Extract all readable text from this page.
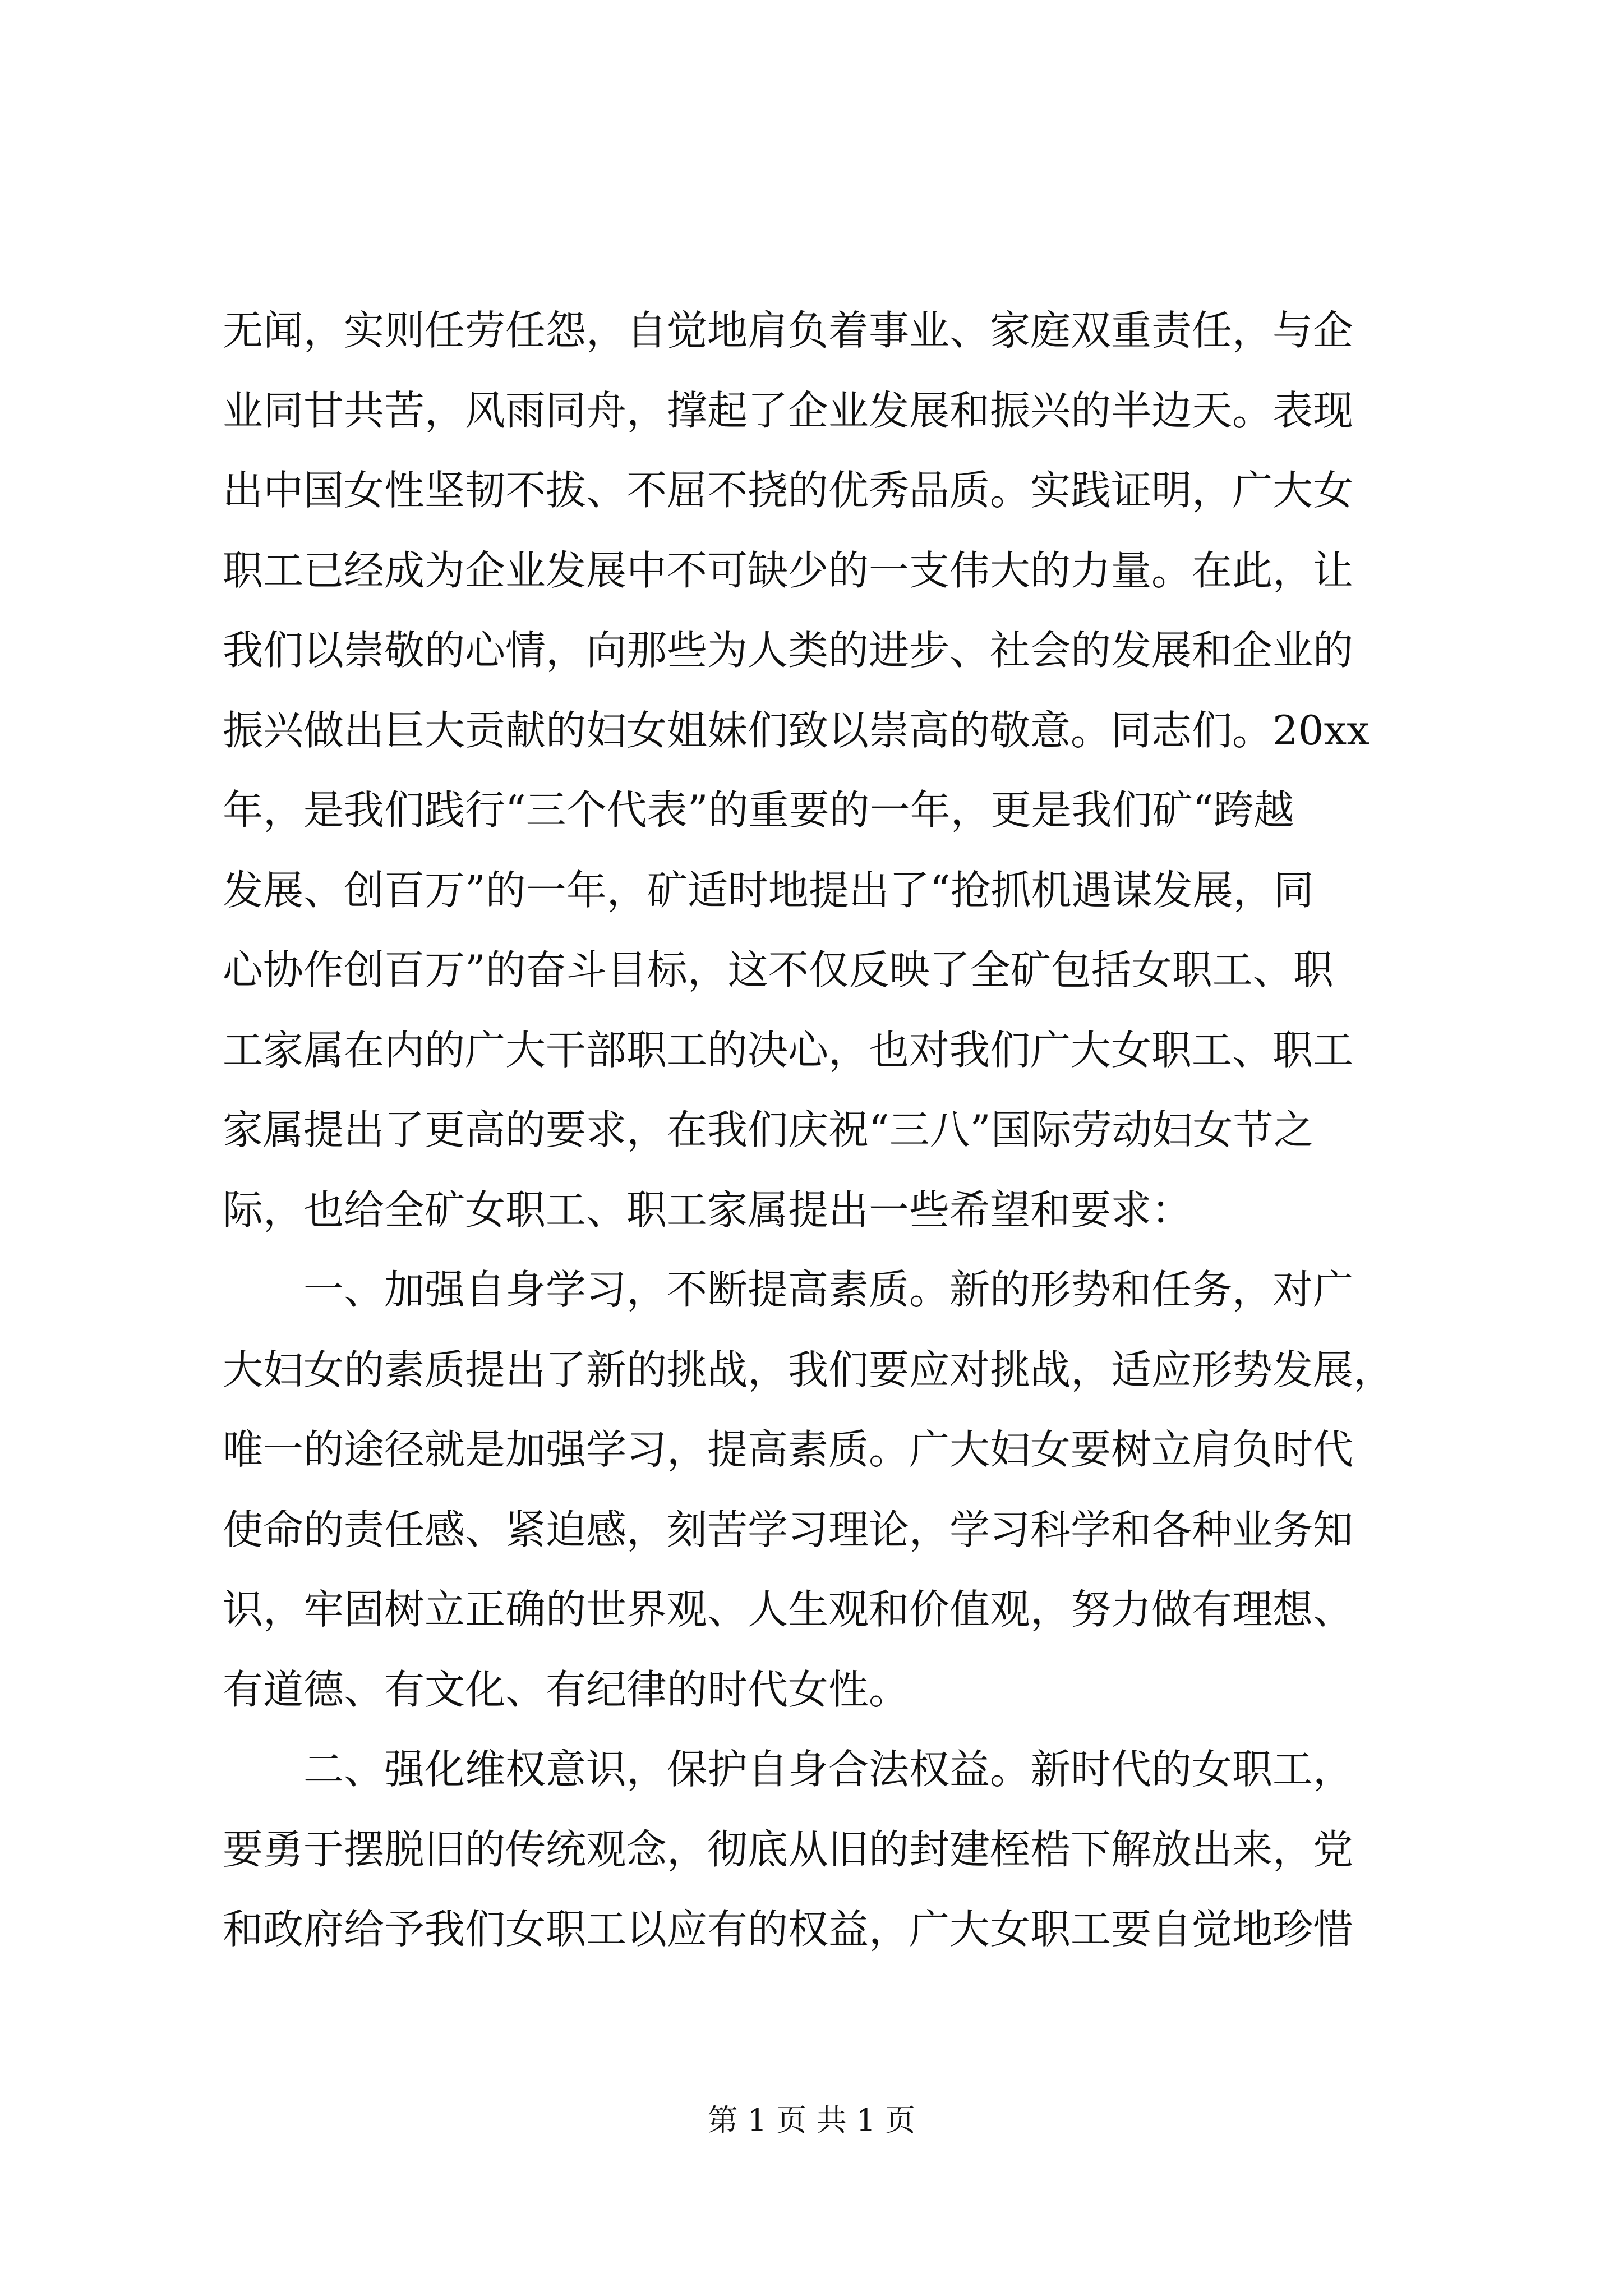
无闻，实则任劳任怨，自觉地肩负着事业、家庭双重责任，与企
业同甘共苦，风雨同舟，撑起了企业发展和振兴的半边天。表现
出中国女性坚韧不拔、不屈不挠的优秀品质。实践证明，广大女
职工已经成为企业发展中不可缺少的一支伟大的力量。在此，让
我们以崇敬的心情，向那些为人类的进步、社会的发展和企业的
振兴做出巨大贡献的妇女姐妹们致以崇高的敬意。同志们。20xx
年，是我们践行“三个代表”的重要的一年，更是我们矿“跨越
发展、创百万”的一年，矿适时地提出了“抢抓机遇谋发展，同
心协作创百万”的奋斗目标，这不仅反映了全矿包括女职工、职
工家属在内的广大干部职工的决心，也对我们广大女职工、职工
家属提出了更高的要求，在我们庆祝“三八”国际劳动妇女节之
际，也给全矿女职工、职工家属提出一些希望和要求：
　　一、加强自身学习，不断提高素质。新的形势和任务，对广
大妇女的素质提出了新的挑战，我们要应对挑战，适应形势发展，
唯一的途径就是加强学习，提高素质。广大妇女要树立肩负时代
使命的责任感、紧迫感，刻苦学习理论，学习科学和各种业务知
识，牢固树立正确的世界观、人生观和价值观，努力做有理想、
有道德、有文化、有纪律的时代女性。
　　二、强化维权意识，保护自身合法权益。新时代的女职工，
要勇于摆脱旧的传统观念，彻底从旧的封建桎梏下解放出来，党
和政府给予我们女职工以应有的权益，广大女职工要自觉地珍惜
第 1 页 共 1 页
